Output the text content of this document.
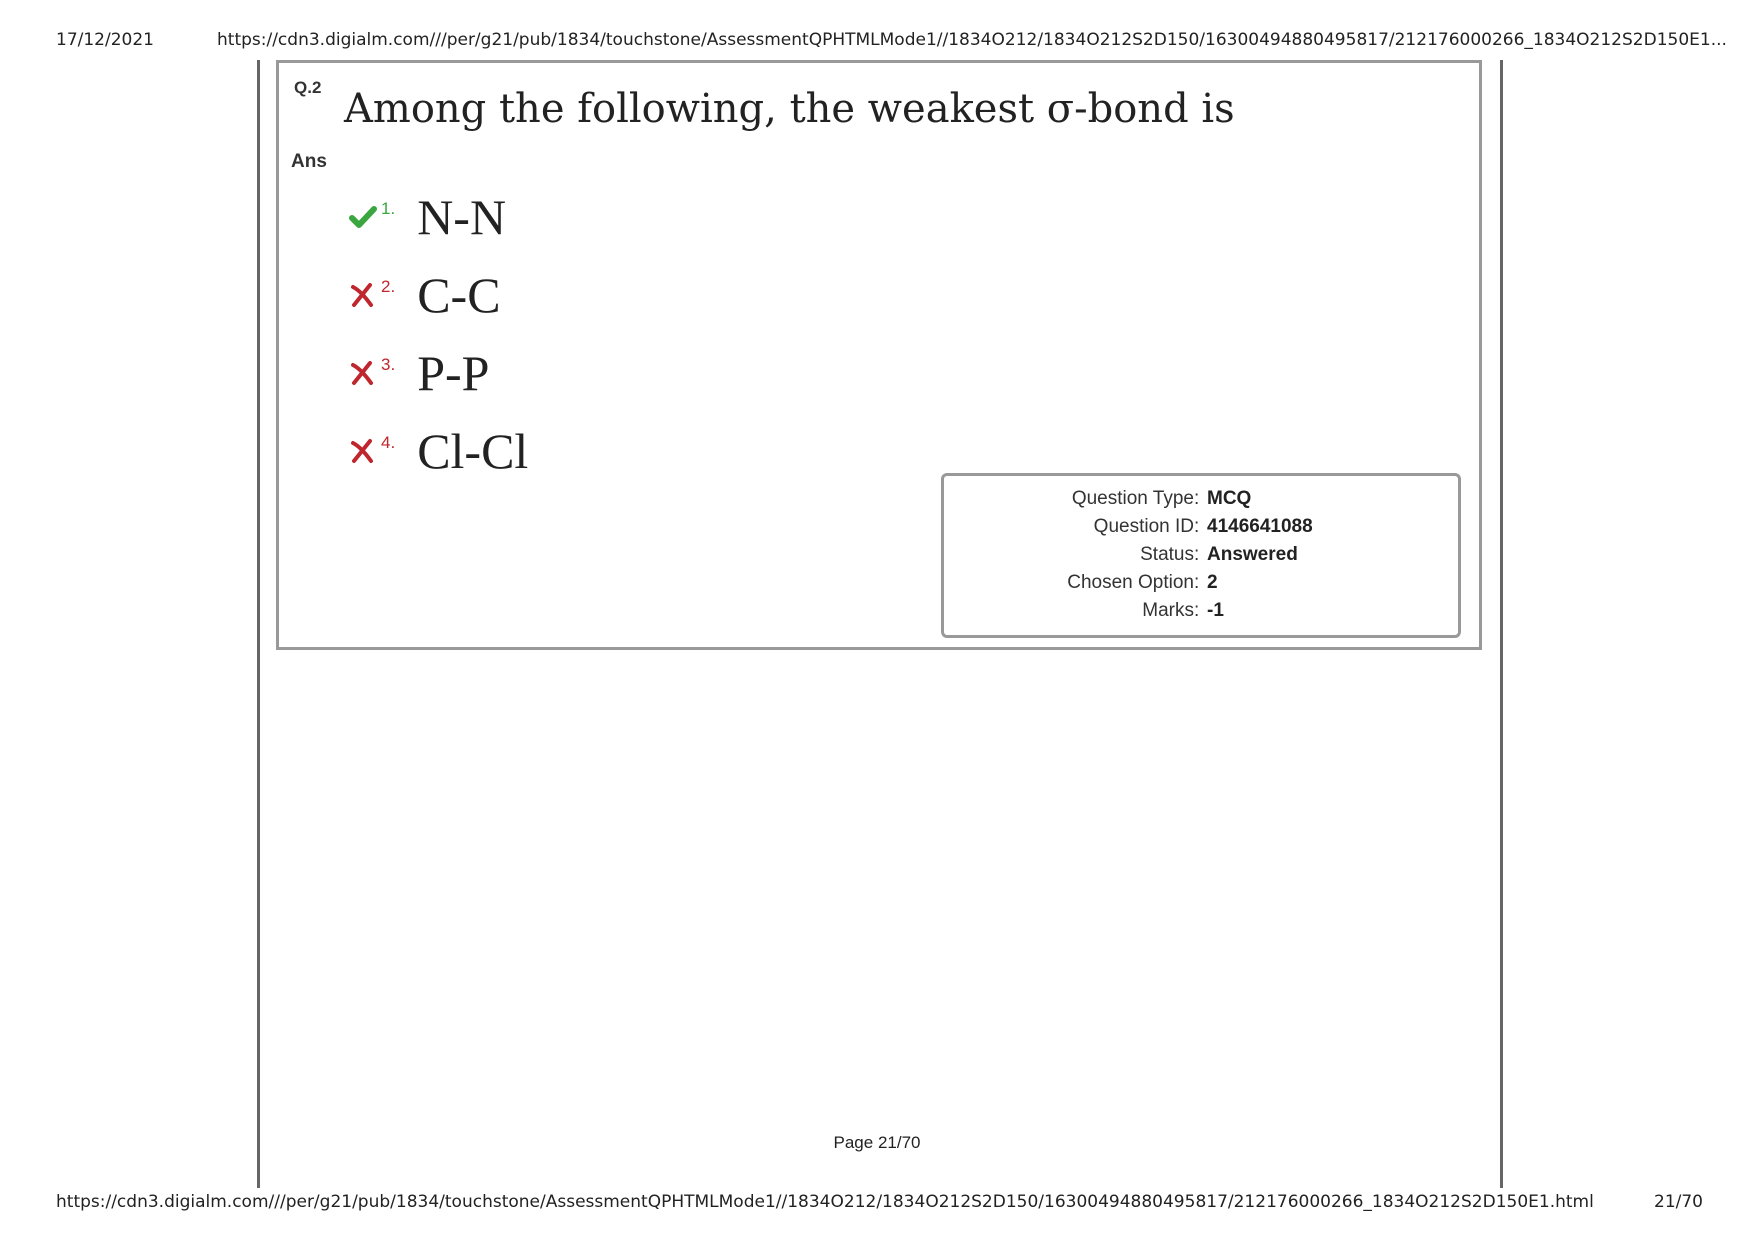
17/12/2021	https://cdn3.digialm.com///per/g21/pub/1834/touchstone/AssessmentQPHTMLMode1//1834O212/1834O212S2D150/16300494880495817/212176000266_1834O212S2D150E1...
Q.2 Among the following, the weakest σ-bond is
Ans
1. N-N
2. C-C
3. P-P
4. Cl-Cl
Question Type : MCQ
Question ID : 4146641088
Status : Answered
Chosen Option : 2
Marks : -1
Page 21/70
https://cdn3.digialm.com///per/g21/pub/1834/touchstone/AssessmentQPHTMLMode1//1834O212/1834O212S2D150/16300494880495817/212176000266_1834O212S2D150E1.html	21/70
